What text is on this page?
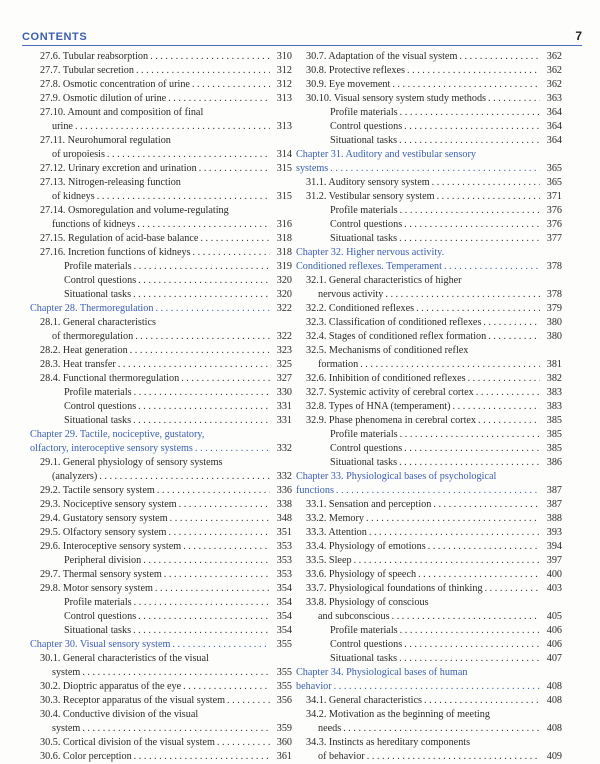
CONTENTS	7
27.6. Tubular reabsorption . . .	310
27.7. Tubular secretion . . .	312
27.8. Osmotic concentration of urine . . .	312
27.9. Osmotic dilution of urine . . .	313
27.10. Amount and composition of final
urine . . .	313
27.11. Neurohumoral regulation
of uropoiesis . . .	314
27.12. Urinary excretion and urination . . .	315
27.13. Nitrogen-releasing function
of kidneys . . .	315
27.14. Osmoregulation and volume-regulating
functions of kidneys . . .	316
27.15. Regulation of acid-base balance . . .	318
27.16. Incretion functions of kidneys . . .	318
Profile materials . . .	319
Control questions . . .	320
Situational tasks . . .	320
Chapter 28. Thermoregulation . . .	322
28.1. General characteristics
of thermoregulation . . .	322
28.2. Heat generation . . .	323
28.3. Heat transfer . . .	325
28.4. Functional thermoregulation . . .	327
Profile materials . . .	330
Control questions . . .	331
Situational tasks . . .	331
Chapter 29. Tactile, nociceptive, gustatory,
olfactory, interoceptive sensory systems . . .	332
29.1. General physiology of sensory systems
(analyzers) . . .	332
29.2. Tactile sensory system . . .	336
29.3. Nociceptive sensory system . . .	338
29.4. Gustatory sensory system . . .	348
29.5. Olfactory sensory system . . .	351
29.6. Interoceptive sensory system . . .	353
Peripheral division . . .	353
29.7. Thermal sensory system . . .	353
29.8. Motor sensory system . . .	354
Profile materials . . .	354
Control questions . . .	354
Situational tasks . . .	354
Chapter 30. Visual sensory system . . .	355
30.1. General characteristics of the visual
system . . .	355
30.2. Dioptric apparatus of the eye . . .	355
30.3. Receptor apparatus of the visual system . . .	356
30.4. Conductive division of the visual
system . . .	359
30.5. Cortical division of the visual system . . .	360
30.6. Color perception . . .	361
30.7. Adaptation of the visual system . . .	362
30.8. Protective reflexes . . .	362
30.9. Eye movement . . .	362
30.10. Visual sensory system study methods . . .	363
Profile materials . . .	364
Control questions . . .	364
Situational tasks . . .	364
Chapter 31. Auditory and vestibular sensory
systems . . .	365
31.1. Auditory sensory system . . .	365
31.2. Vestibular sensory system . . .	371
Profile materials . . .	376
Control questions . . .	376
Situational tasks . . .	377
Chapter 32. Higher nervous activity.
Conditioned reflexes. Temperament . . .	378
32.1. General characteristics of higher
nervous activity . . .	378
32.2. Conditioned reflexes . . .	379
32.3. Classification of conditioned reflexes . . .	380
32.4. Stages of conditioned reflex formation . . .	380
32.5. Mechanisms of conditioned reflex
formation . . .	381
32.6. Inhibition of conditioned reflexes . . .	382
32.7. Systemic activity of cerebral cortex . . .	383
32.8. Types of HNA (temperament) . . .	383
32.9. Phase phenomena in cerebral cortex . . .	385
Profile materials . . .	385
Control questions . . .	385
Situational tasks . . .	386
Chapter 33. Physiological bases of psychological
functions . . .	387
33.1. Sensation and perception . . .	387
33.2. Memory . . .	388
33.3. Attention . . .	393
33.4. Physiology of emotions . . .	394
33.5. Sleep . . .	397
33.6. Physiology of speech . . .	400
33.7. Physiological foundations of thinking . . .	403
33.8. Physiology of conscious
and subconscious . . .	405
Profile materials . . .	406
Control questions . . .	406
Situational tasks . . .	407
Chapter 34. Physiological bases of human
behavior . . .	408
34.1. General characteristics . . .	408
34.2. Motivation as the beginning of meeting
needs . . .	408
34.3. Instincts as hereditary components
of behavior . . .	409
